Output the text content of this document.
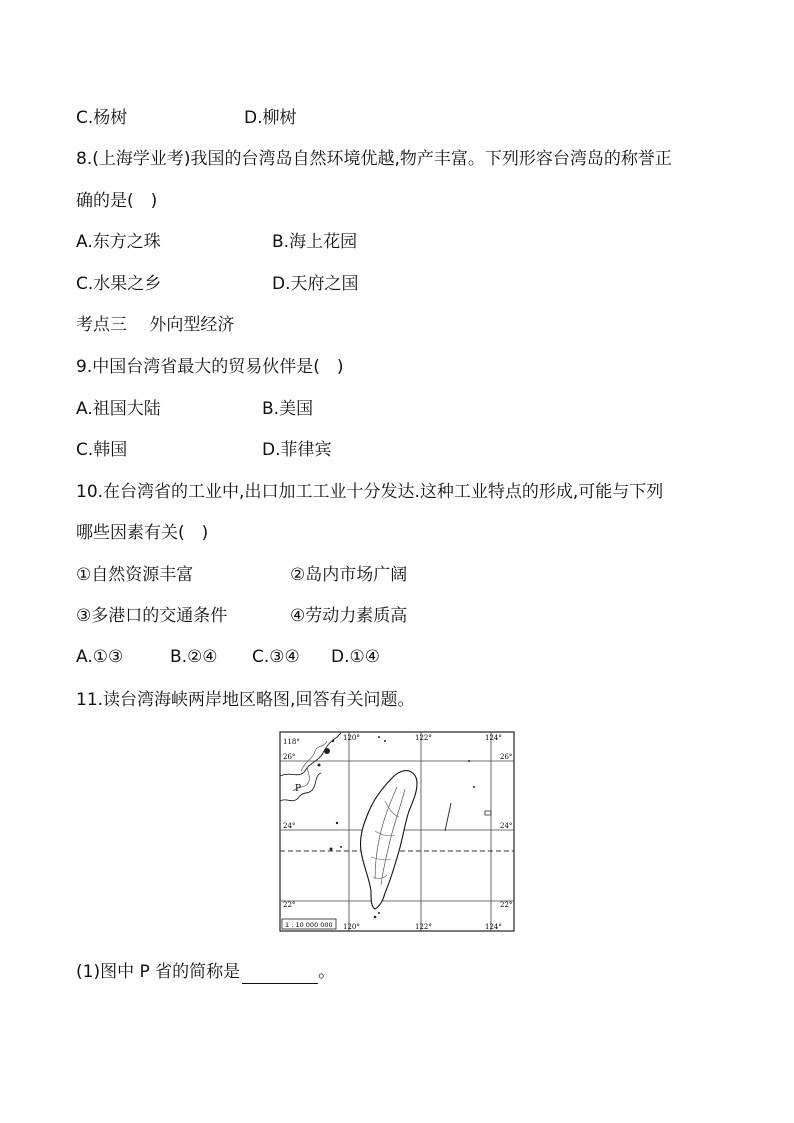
C.杨树	D.柳树
8.(上海学业考)我国的台湾岛自然环境优越,物产丰富。下列形容台湾岛的称誉正
确的是(　)
A.东方之珠	B.海上花园
C.水果之乡	D.天府之国
考点三　 外向型经济
9.中国台湾省最大的贸易伙伴是(　)
A.祖国大陆	B.美国
C.韩国	D.菲律宾
10.在台湾省的工业中,出口加工工业十分发达.这种工业特点的形成,可能与下列
哪些因素有关(　)
①自然资源丰富	②岛内市场广阔
③多港口的交通条件	④劳动力素质高
A.①③	B.②④ C.③④ D.①④
11.读台湾海峡两岸地区略图,回答有关问题。
118°	120°	122°	124°
26°	26°
24°	24°
22°	22°
120°	122°	124°
P
1 : 10 000 000
(1)图中 P 省的简称是	。
